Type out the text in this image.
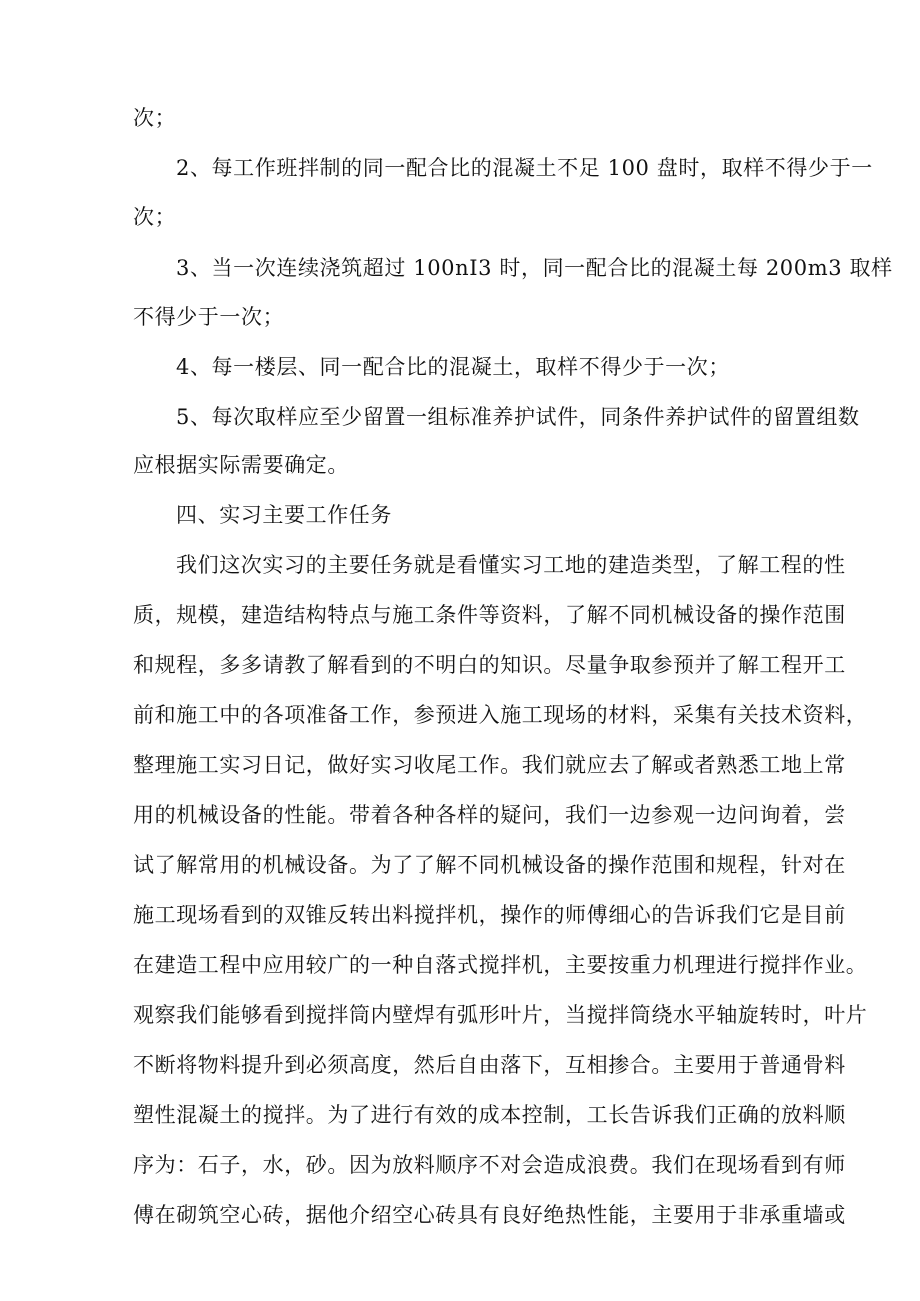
次；
2、每工作班拌制的同一配合比的混凝土不足 100 盘时，取样不得少于一
次；
3、当一次连续浇筑超过 100nI3 时，同一配合比的混凝土每 200m3 取样
不得少于一次；
4、每一楼层、同一配合比的混凝土，取样不得少于一次；
5、每次取样应至少留置一组标准养护试件，同条件养护试件的留置组数
应根据实际需要确定。
四、实习主要工作任务
我们这次实习的主要任务就是看懂实习工地的建造类型，了解工程的性
质，规模，建造结构特点与施工条件等资料，了解不同机械设备的操作范围
和规程，多多请教了解看到的不明白的知识。尽量争取参预并了解工程开工
前和施工中的各项准备工作，参预进入施工现场的材料，采集有关技术资料，
整理施工实习日记，做好实习收尾工作。我们就应去了解或者熟悉工地上常
用的机械设备的性能。带着各种各样的疑问，我们一边参观一边问询着，尝
试了解常用的机械设备。为了了解不同机械设备的操作范围和规程，针对在
施工现场看到的双锥反转出料搅拌机，操作的师傅细心的告诉我们它是目前
在建造工程中应用较广的一种自落式搅拌机，主要按重力机理进行搅拌作业。
观察我们能够看到搅拌筒内壁焊有弧形叶片，当搅拌筒绕水平轴旋转时，叶片
不断将物料提升到必须高度，然后自由落下，互相掺合。主要用于普通骨料
塑性混凝土的搅拌。为了进行有效的成本控制，工长告诉我们正确的放料顺
序为：石子，水，砂。因为放料顺序不对会造成浪费。我们在现场看到有师
傅在砌筑空心砖，据他介绍空心砖具有良好绝热性能，主要用于非承重墙或
